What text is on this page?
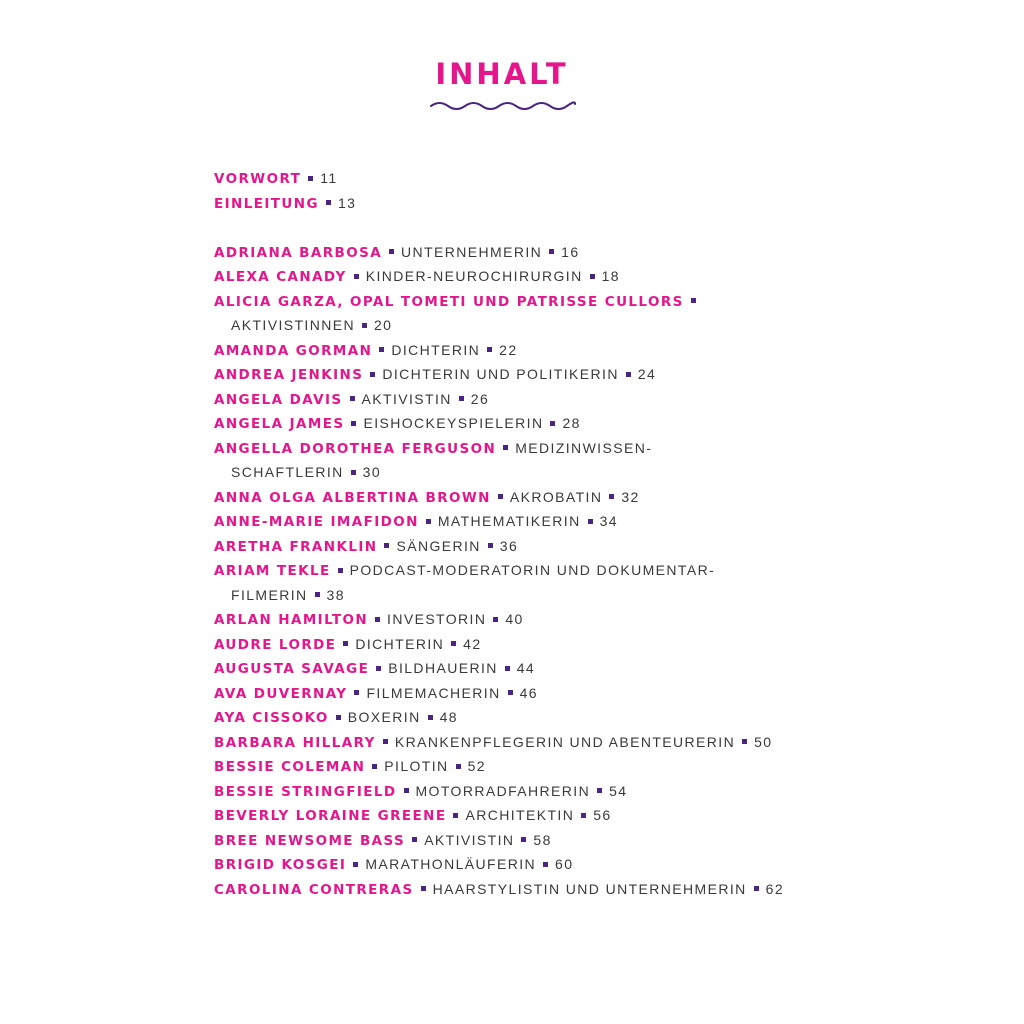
INHALT
VORWORT 11
EINLEITUNG 13
ADRIANA BARBOSA UNTERNEHMERIN 16
ALEXA CANADY KINDER-NEUROCHIRURGIN 18
ALICIA GARZA, OPAL TOMETI UND PATRISSE CULLORS
AKTIVISTINNEN 20
AMANDA GORMAN DICHTERIN 22
ANDREA JENKINS DICHTERIN UND POLITIKERIN 24
ANGELA DAVIS AKTIVISTIN 26
ANGELA JAMES EISHOCKEYSPIELERIN 28
ANGELLA DOROTHEA FERGUSON MEDIZINWISSEN-
SCHAFTLERIN 30
ANNA OLGA ALBERTINA BROWN AKROBATIN 32
ANNE-MARIE IMAFIDON MATHEMATIKERIN 34
ARETHA FRANKLIN SÄNGERIN 36
ARIAM TEKLE PODCAST-MODERATORIN UND DOKUMENTAR-
FILMERIN 38
ARLAN HAMILTON INVESTORIN 40
AUDRE LORDE DICHTERIN 42
AUGUSTA SAVAGE BILDHAUERIN 44
AVA DUVERNAY FILMEMACHERIN 46
AYA CISSOKO BOXERIN 48
BARBARA HILLARY KRANKENPFLEGERIN UND ABENTEURERIN 50
BESSIE COLEMAN PILOTIN 52
BESSIE STRINGFIELD MOTORRADFAHRERIN 54
BEVERLY LORAINE GREENE ARCHITEKTIN 56
BREE NEWSOME BASS AKTIVISTIN 58
BRIGID KOSGEI MARATHONLÄUFERIN 60
CAROLINA CONTRERAS HAARSTYLISTIN UND UNTERNEHMERIN 62
